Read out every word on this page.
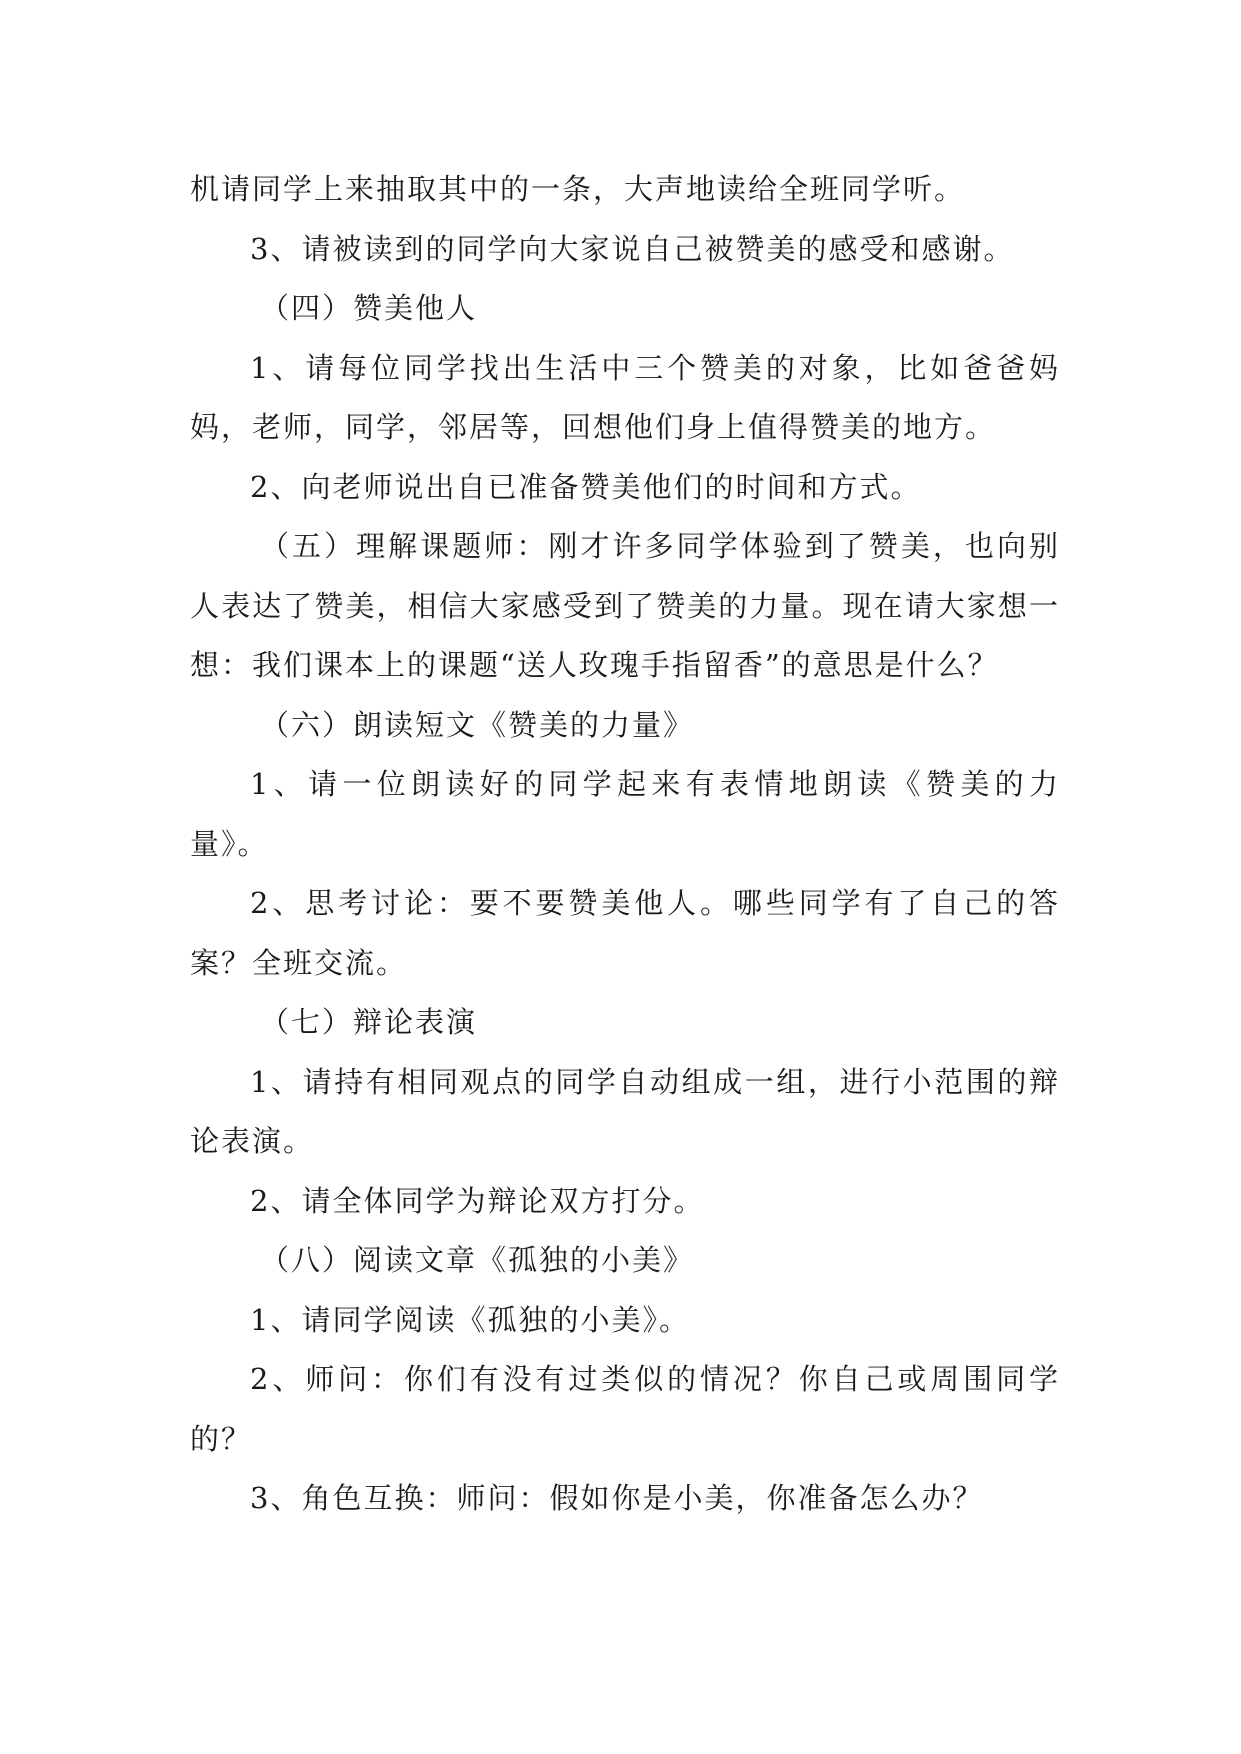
机请同学上来抽取其中的一条，大声地读给全班同学听。

3、请被读到的同学向大家说自己被赞美的感受和感谢。

（四）赞美他人

1、请每位同学找出生活中三个赞美的对象，比如爸爸妈妈，老师，同学，邻居等，回想他们身上值得赞美的地方。

2、向老师说出自已准备赞美他们的时间和方式。

（五）理解课题师：刚才许多同学体验到了赞美，也向别人表达了赞美，相信大家感受到了赞美的力量。现在请大家想一想：我们课本上的课题“送人玫瑰手指留香”的意思是什么？

（六）朗读短文《赞美的力量》

1、请一位朗读好的同学起来有表情地朗读《赞美的力量》。

2、思考讨论：要不要赞美他人。哪些同学有了自己的答案？全班交流。

（七）辩论表演

1、请持有相同观点的同学自动组成一组，进行小范围的辩论表演。

2、请全体同学为辩论双方打分。

（八）阅读文章《孤独的小美》

1、请同学阅读《孤独的小美》。

2、师问：你们有没有过类似的情况？你自己或周围同学的？

3、角色互换：师问：假如你是小美，你准备怎么办？
